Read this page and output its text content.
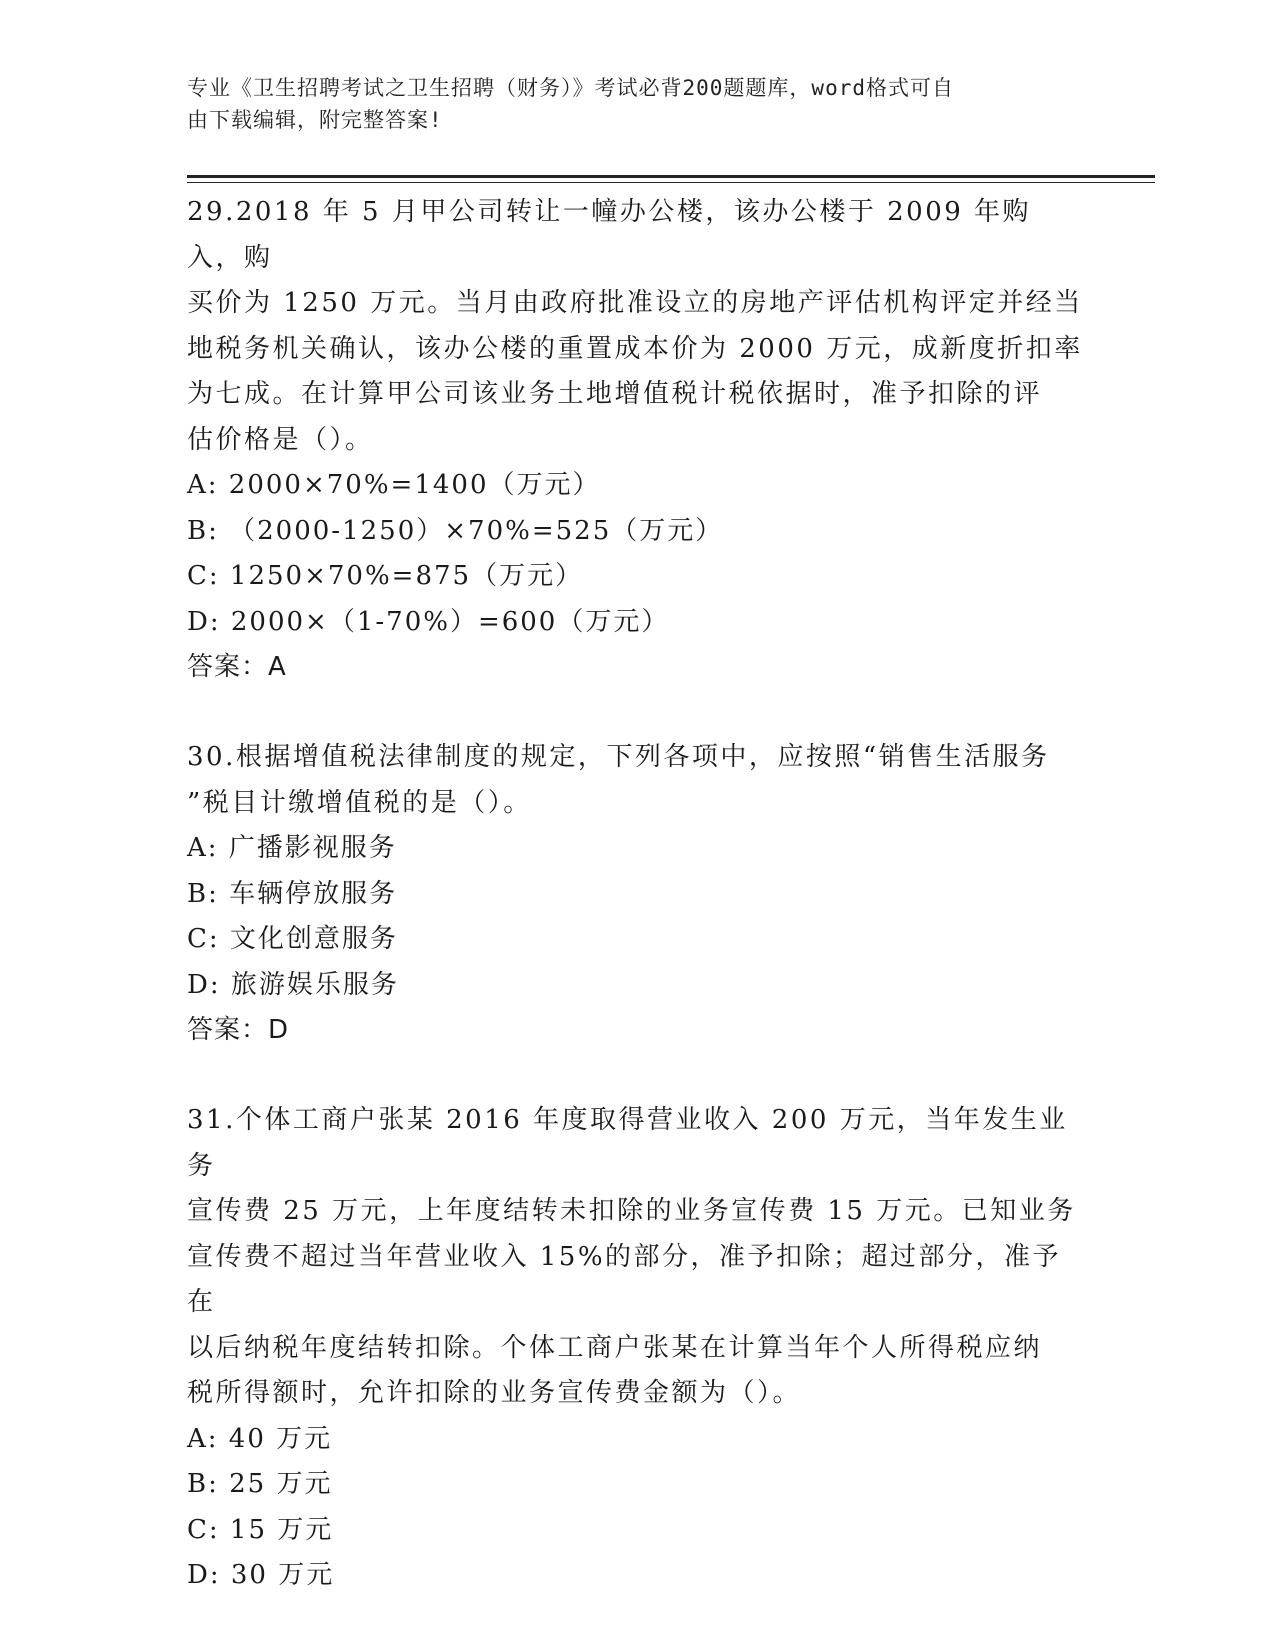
专业《卫生招聘考试之卫生招聘（财务）》考试必背200题题库，word格式可自
由下载编辑，附完整答案!

29.2018 年 5 月甲公司转让一幢办公楼，该办公楼于 2009 年购入，购

买价为 1250 万元。当月由政府批准设立的房地产评估机构评定并经当

地税务机关确认，该办公楼的重置成本价为 2000 万元，成新度折扣率

为七成。在计算甲公司该业务土地增值税计税依据时，准予扣除的评

估价格是（）。

A: 2000×70%=1400（万元）

B: （2000-1250）×70%=525（万元）

C: 1250×70%=875（万元）

D: 2000×（1-70%）=600（万元）

答案：A

30.根据增值税法律制度的规定，下列各项中，应按照“销售生活服务

”税目计缴增值税的是（）。

A: 广播影视服务

B: 车辆停放服务

C: 文化创意服务

D: 旅游娱乐服务

答案：D

31.个体工商户张某 2016 年度取得营业收入 200 万元，当年发生业务

宣传费 25 万元，上年度结转未扣除的业务宣传费 15 万元。已知业务

宣传费不超过当年营业收入 15%的部分，准予扣除；超过部分，准予在

以后纳税年度结转扣除。个体工商户张某在计算当年个人所得税应纳

税所得额时，允许扣除的业务宣传费金额为（）。

A: 40 万元

B: 25 万元

C: 15 万元

D: 30 万元
